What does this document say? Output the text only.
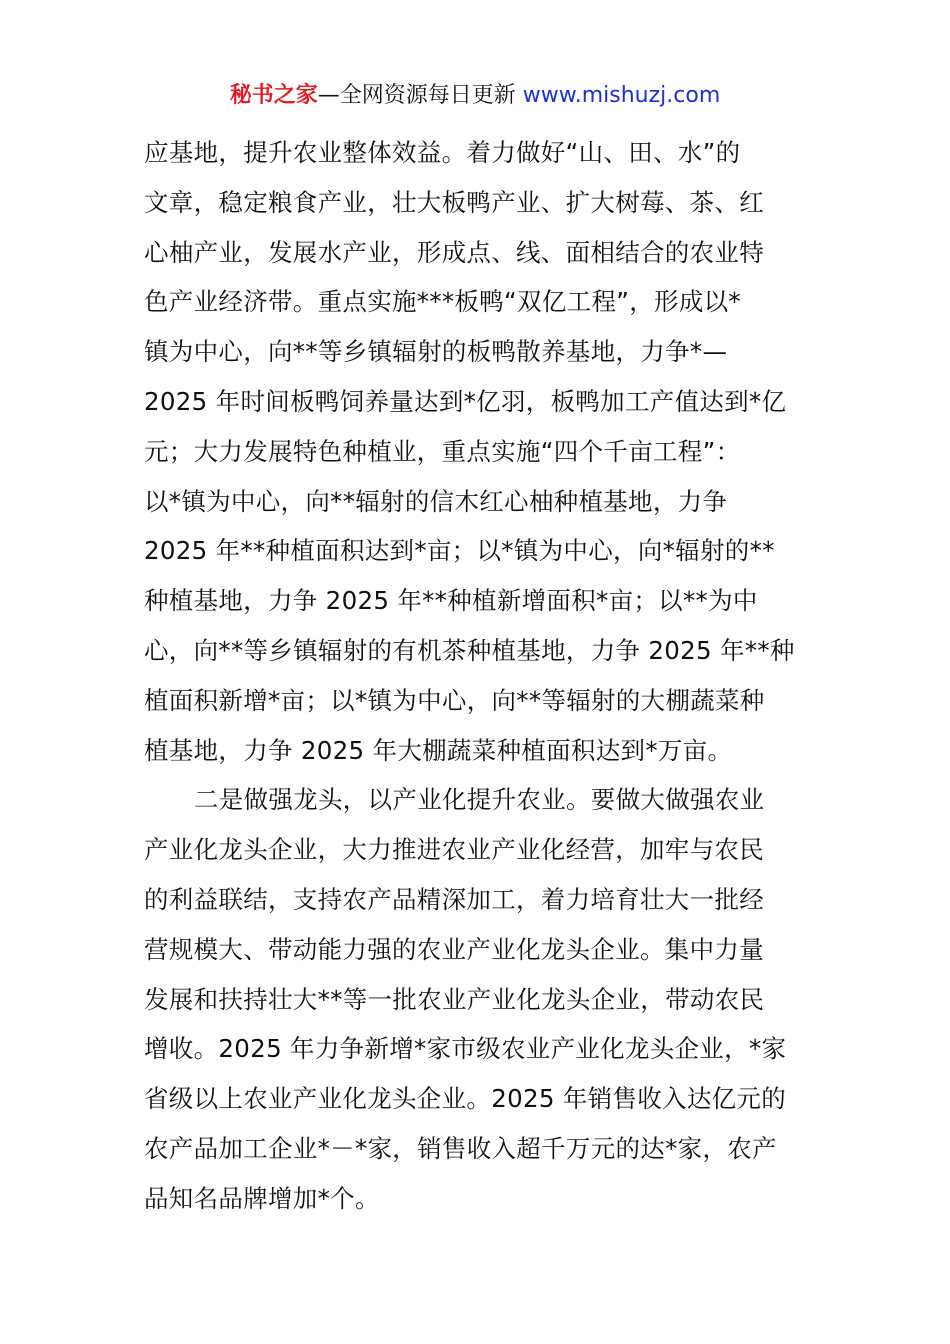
秘书之家—全网资源每日更新 www.mishuzj.com
应基地，提升农业整体效益。着力做好“山、田、水”的
文章，稳定粮食产业，壮大板鸭产业、扩大树莓、茶、红
心柚产业，发展水产业，形成点、线、面相结合的农业特
色产业经济带。重点实施***板鸭“双亿工程”，形成以*
镇为中心，向**等乡镇辐射的板鸭散养基地，力争*—
2025 年时间板鸭饲养量达到*亿羽，板鸭加工产值达到*亿
元；大力发展特色种植业，重点实施“四个千亩工程”：
以*镇为中心，向**辐射的信木红心柚种植基地，力争
2025 年**种植面积达到*亩；以*镇为中心，向*辐射的**
种植基地，力争 2025 年**种植新增面积*亩；以**为中
心，向**等乡镇辐射的有机茶种植基地，力争 2025 年**种
植面积新增*亩；以*镇为中心，向**等辐射的大棚蔬菜种
植基地，力争 2025 年大棚蔬菜种植面积达到*万亩。
二是做强龙头，以产业化提升农业。要做大做强农业
产业化龙头企业，大力推进农业产业化经营，加牢与农民
的利益联结，支持农产品精深加工，着力培育壮大一批经
营规模大、带动能力强的农业产业化龙头企业。集中力量
发展和扶持壮大**等一批农业产业化龙头企业，带动农民
增收。2025 年力争新增*家市级农业产业化龙头企业，*家
省级以上农业产业化龙头企业。2025 年销售收入达亿元的
农产品加工企业*－*家，销售收入超千万元的达*家，农产
品知名品牌增加*个。
